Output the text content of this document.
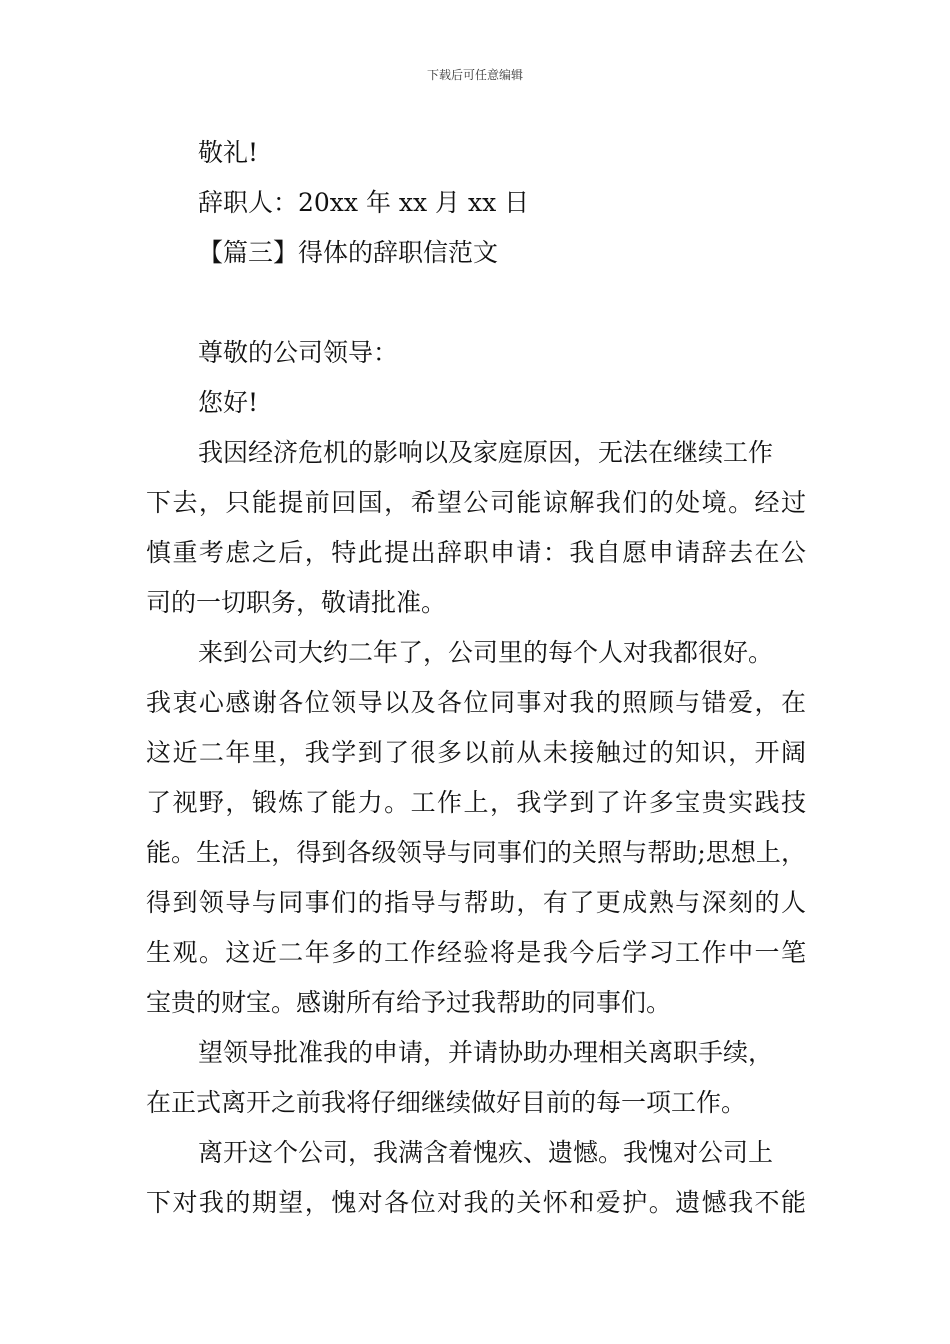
下载后可任意编辑
敬礼!
辞职人：20xx 年 xx 月 xx 日
【篇三】得体的辞职信范文
尊敬的公司领导：
您好!
我因经济危机的影响以及家庭原因，无法在继续工作
下去，只能提前回国，希望公司能谅解我们的处境。经过
慎重考虑之后，特此提出辞职申请：我自愿申请辞去在公
司的一切职务，敬请批准。
来到公司大约二年了，公司里的每个人对我都很好。
我衷心感谢各位领导以及各位同事对我的照顾与错爱，在
这近二年里，我学到了很多以前从未接触过的知识，开阔
了视野，锻炼了能力。工作上，我学到了许多宝贵实践技
能。生活上，得到各级领导与同事们的关照与帮助;思想上，
得到领导与同事们的指导与帮助，有了更成熟与深刻的人
生观。这近二年多的工作经验将是我今后学习工作中一笔
宝贵的财宝。感谢所有给予过我帮助的同事们。
望领导批准我的申请，并请协助办理相关离职手续，
在正式离开之前我将仔细继续做好目前的每一项工作。
离开这个公司，我满含着愧疚、遗憾。我愧对公司上
下对我的期望，愧对各位对我的关怀和爱护。遗憾我不能
